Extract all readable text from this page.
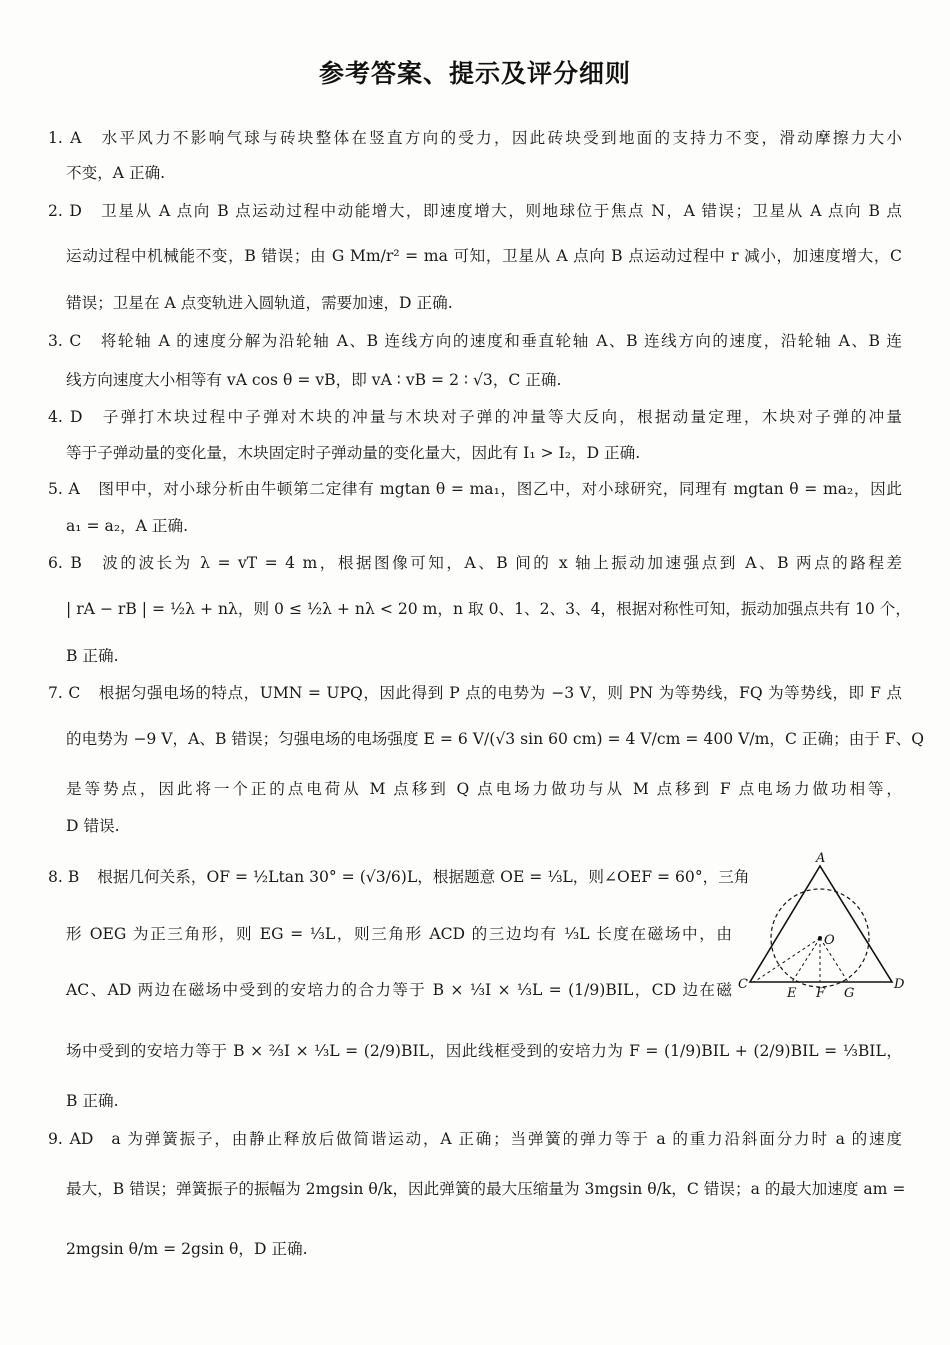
参考答案、提示及评分细则
1. A 水平风力不影响气球与砖块整体在竖直方向的受力，因此砖块受到地面的支持力不变，滑动摩擦力大小
不变，A 正确.
2. D 卫星从 A 点向 B 点运动过程中动能增大，即速度增大，则地球位于焦点 N，A 错误；卫星从 A 点向 B 点
运动过程中机械能不变，B 错误；由 G Mm/r² = ma 可知，卫星从 A 点向 B 点运动过程中 r 减小，加速度增大，C
错误；卫星在 A 点变轨进入圆轨道，需要加速，D 正确.
3. C 将轮轴 A 的速度分解为沿轮轴 A、B 连线方向的速度和垂直轮轴 A、B 连线方向的速度，沿轮轴 A、B 连
线方向速度大小相等有 vA cos θ = vB，即 vA ∶ vB = 2 ∶ √3，C 正确.
4. D 子弹打木块过程中子弹对木块的冲量与木块对子弹的冲量等大反向，根据动量定理，木块对子弹的冲量
等于子弹动量的变化量，木块固定时子弹动量的变化量大，因此有 I₁ > I₂，D 正确.
5. A 图甲中，对小球分析由牛顿第二定律有 mgtan θ = ma₁，图乙中，对小球研究，同理有 mgtan θ = ma₂，因此
a₁ = a₂，A 正确.
6. B 波的波长为 λ = vT = 4 m，根据图像可知，A、B 间的 x 轴上振动加速强点到 A、B 两点的路程差
| rA − rB | = ½λ + nλ，则 0 ≤ ½λ + nλ < 20 m，n 取 0、1、2、3、4，根据对称性可知，振动加强点共有 10 个，
B 正确.
7. C 根据匀强电场的特点，UMN = UPQ，因此得到 P 点的电势为 −3 V，则 PN 为等势线，FQ 为等势线，即 F 点
的电势为 −9 V，A、B 错误；匀强电场的电场强度 E = 6 V/(√3 sin 60 cm) = 4 V/cm = 400 V/m，C 正确；由于 F、Q
是等势点，因此将一个正的点电荷从 M 点移到 Q 点电场力做功与从 M 点移到 F 点电场力做功相等，
D 错误.
8. B 根据几何关系，OF = ½Ltan 30° = (√3/6)L，根据题意 OE = ⅓L，则∠OEF = 60°，三角
形 OEG 为正三角形，则 EG = ⅓L，则三角形 ACD 的三边均有 ⅓L 长度在磁场中，由
AC、AD 两边在磁场中受到的安培力的合力等于 B × ⅓I × ⅓L = (1/9)BIL，CD 边在磁
场中受到的安培力等于 B × ⅔I × ⅓L = (2/9)BIL，因此线框受到的安培力为 F = (1/9)BIL + (2/9)BIL = ⅓BIL，
B 正确.
9. AD a 为弹簧振子，由静止释放后做简谐运动，A 正确；当弹簧的弹力等于 a 的重力沿斜面分力时 a 的速度
最大，B 错误；弹簧振子的振幅为 2mgsin θ/k，因此弹簧的最大压缩量为 3mgsin θ/k，C 错误；a 的最大加速度 am =
2mgsin θ/m = 2gsin θ，D 正确.
A
O
C	D
E F G
